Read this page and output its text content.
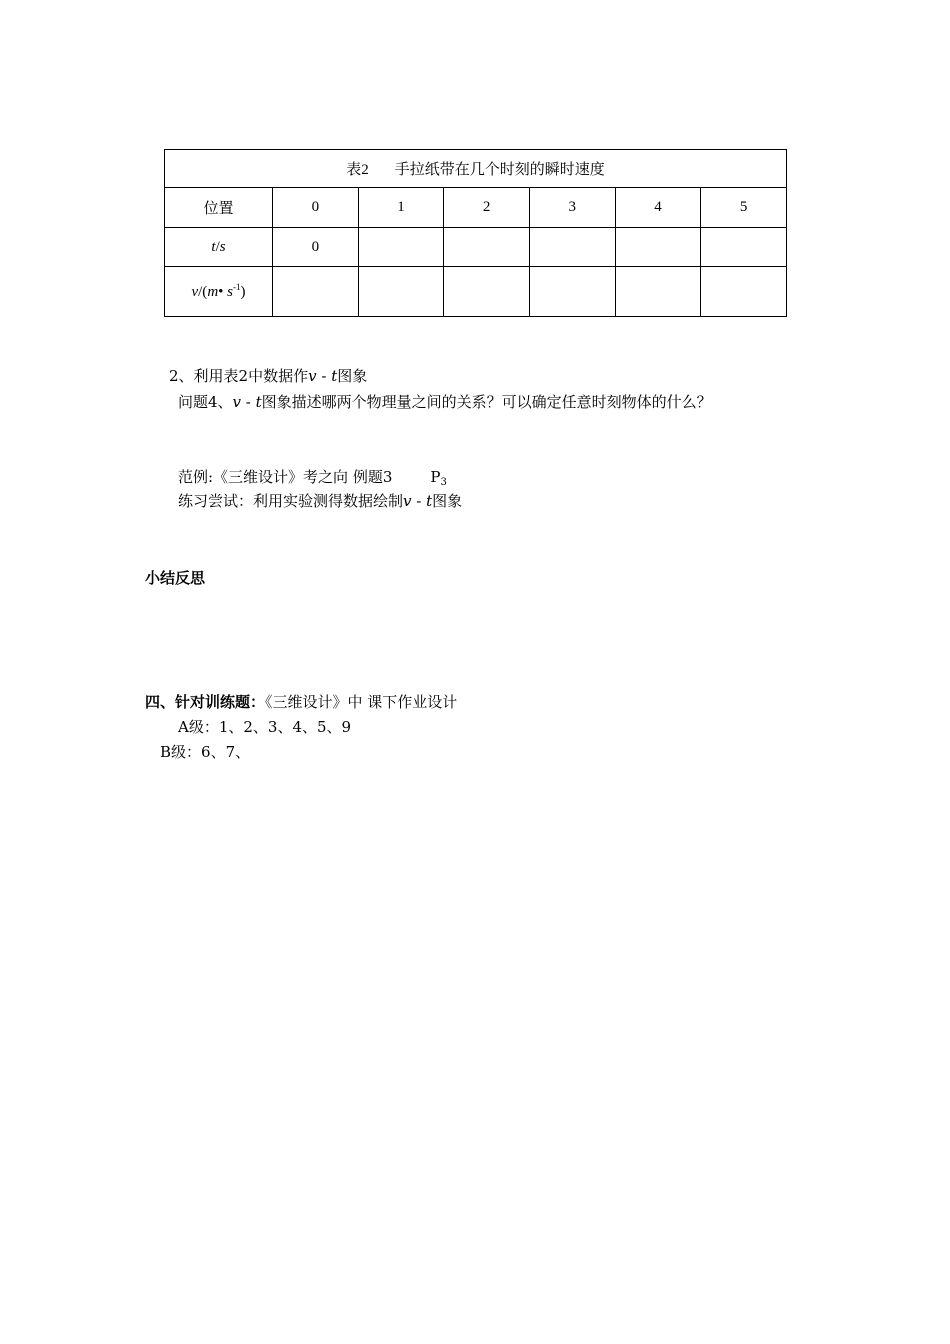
表2 手拉纸带在几个时刻的瞬时速度						
位置	0	1	2	3	4	5
t/s	0					
v/(m• $s^{-1}$)						
2、利用表2中数据作v - t图象
问题4、v - t图象描述哪两个物理量之间的关系？可以确定任意时刻物体的什么？
范例:《三维设计》考之向 例题3	$P_3$
练习尝试：利用实验测得数据绘制v - t图象
小结反思
四、针对训练题：《三维设计》中 课下作业设计
A级：1、2、3、4、5、9
B级：6、7、
